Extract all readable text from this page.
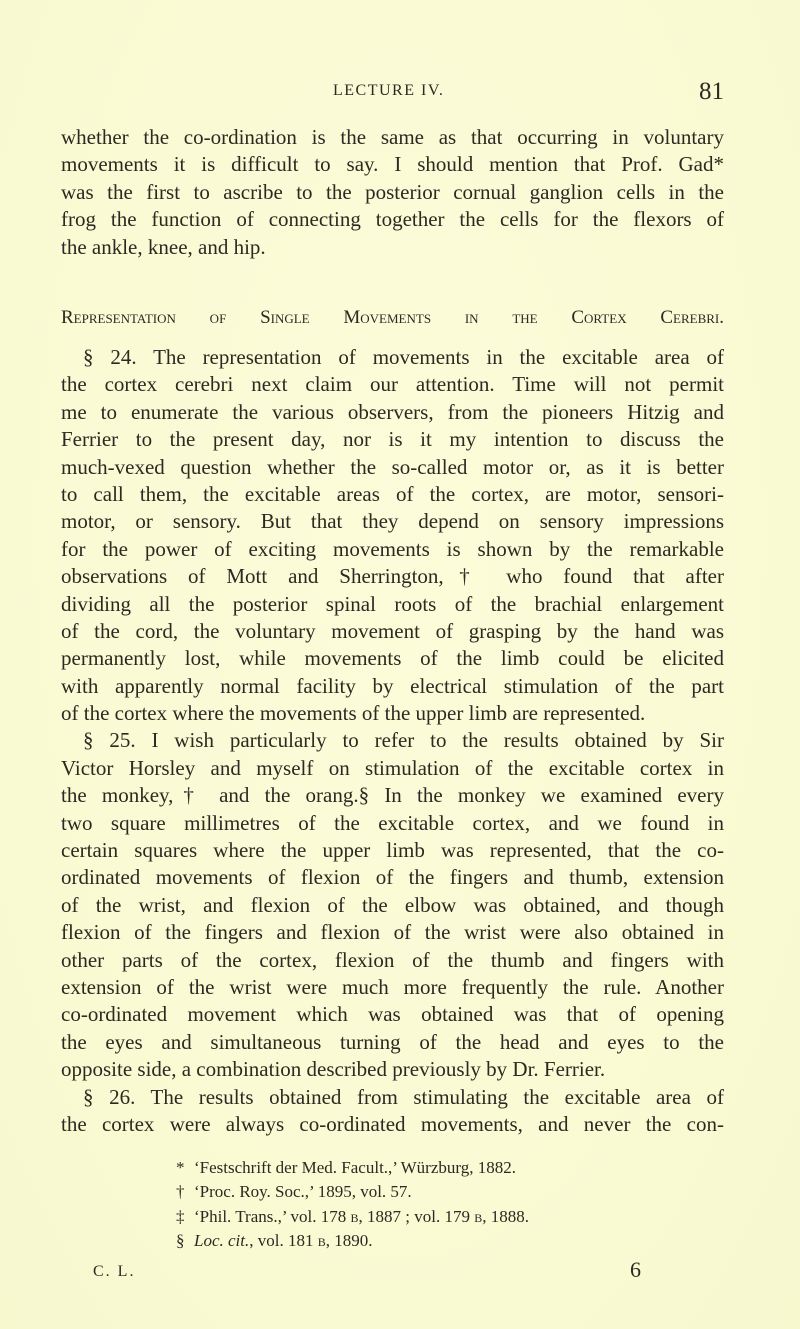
LECTURE IV.	81
whether the co-ordination is the same as that occurring in voluntary
movements it is difficult to say. I should mention that Prof. Gad*
was the first to ascribe to the posterior cornual ganglion cells in the
frog the function of connecting together the cells for the flexors of
the ankle, knee, and hip.
Representation of Single Movements in the Cortex Cerebri.
§ 24. The representation of movements in the excitable area of
the cortex cerebri next claim our attention. Time will not permit
me to enumerate the various observers, from the pioneers Hitzig and
Ferrier to the present day, nor is it my intention to discuss the
much-vexed question whether the so-called motor or, as it is better
to call them, the excitable areas of the cortex, are motor, sensori-
motor, or sensory. But that they depend on sensory impressions
for the power of exciting movements is shown by the remarkable
observations of Mott and Sherrington,† who found that after
dividing all the posterior spinal roots of the brachial enlargement
of the cord, the voluntary movement of grasping by the hand was
permanently lost, while movements of the limb could be elicited
with apparently normal facility by electrical stimulation of the part
of the cortex where the movements of the upper limb are represented.
§ 25. I wish particularly to refer to the results obtained by Sir
Victor Horsley and myself on stimulation of the excitable cortex in
the monkey,† and the orang.§ In the monkey we examined every
two square millimetres of the excitable cortex, and we found in
certain squares where the upper limb was represented, that the co-
ordinated movements of flexion of the fingers and thumb, extension
of the wrist, and flexion of the elbow was obtained, and though
flexion of the fingers and flexion of the wrist were also obtained in
other parts of the cortex, flexion of the thumb and fingers with
extension of the wrist were much more frequently the rule. Another
co-ordinated movement which was obtained was that of opening
the eyes and simultaneous turning of the head and eyes to the
opposite side, a combination described previously by Dr. Ferrier.
§ 26. The results obtained from stimulating the excitable area of
the cortex were always co-ordinated movements, and never the con-
* ‘Festschrift der Med. Facult.,’ Würzburg, 1882.
† ‘Proc. Roy. Soc.,’ 1895, vol. 57.
‡ ‘Phil. Trans.,’ vol. 178 b, 1887 ; vol. 179 b, 1888.
§ Loc. cit., vol. 181 b, 1890.
C. L.	6
